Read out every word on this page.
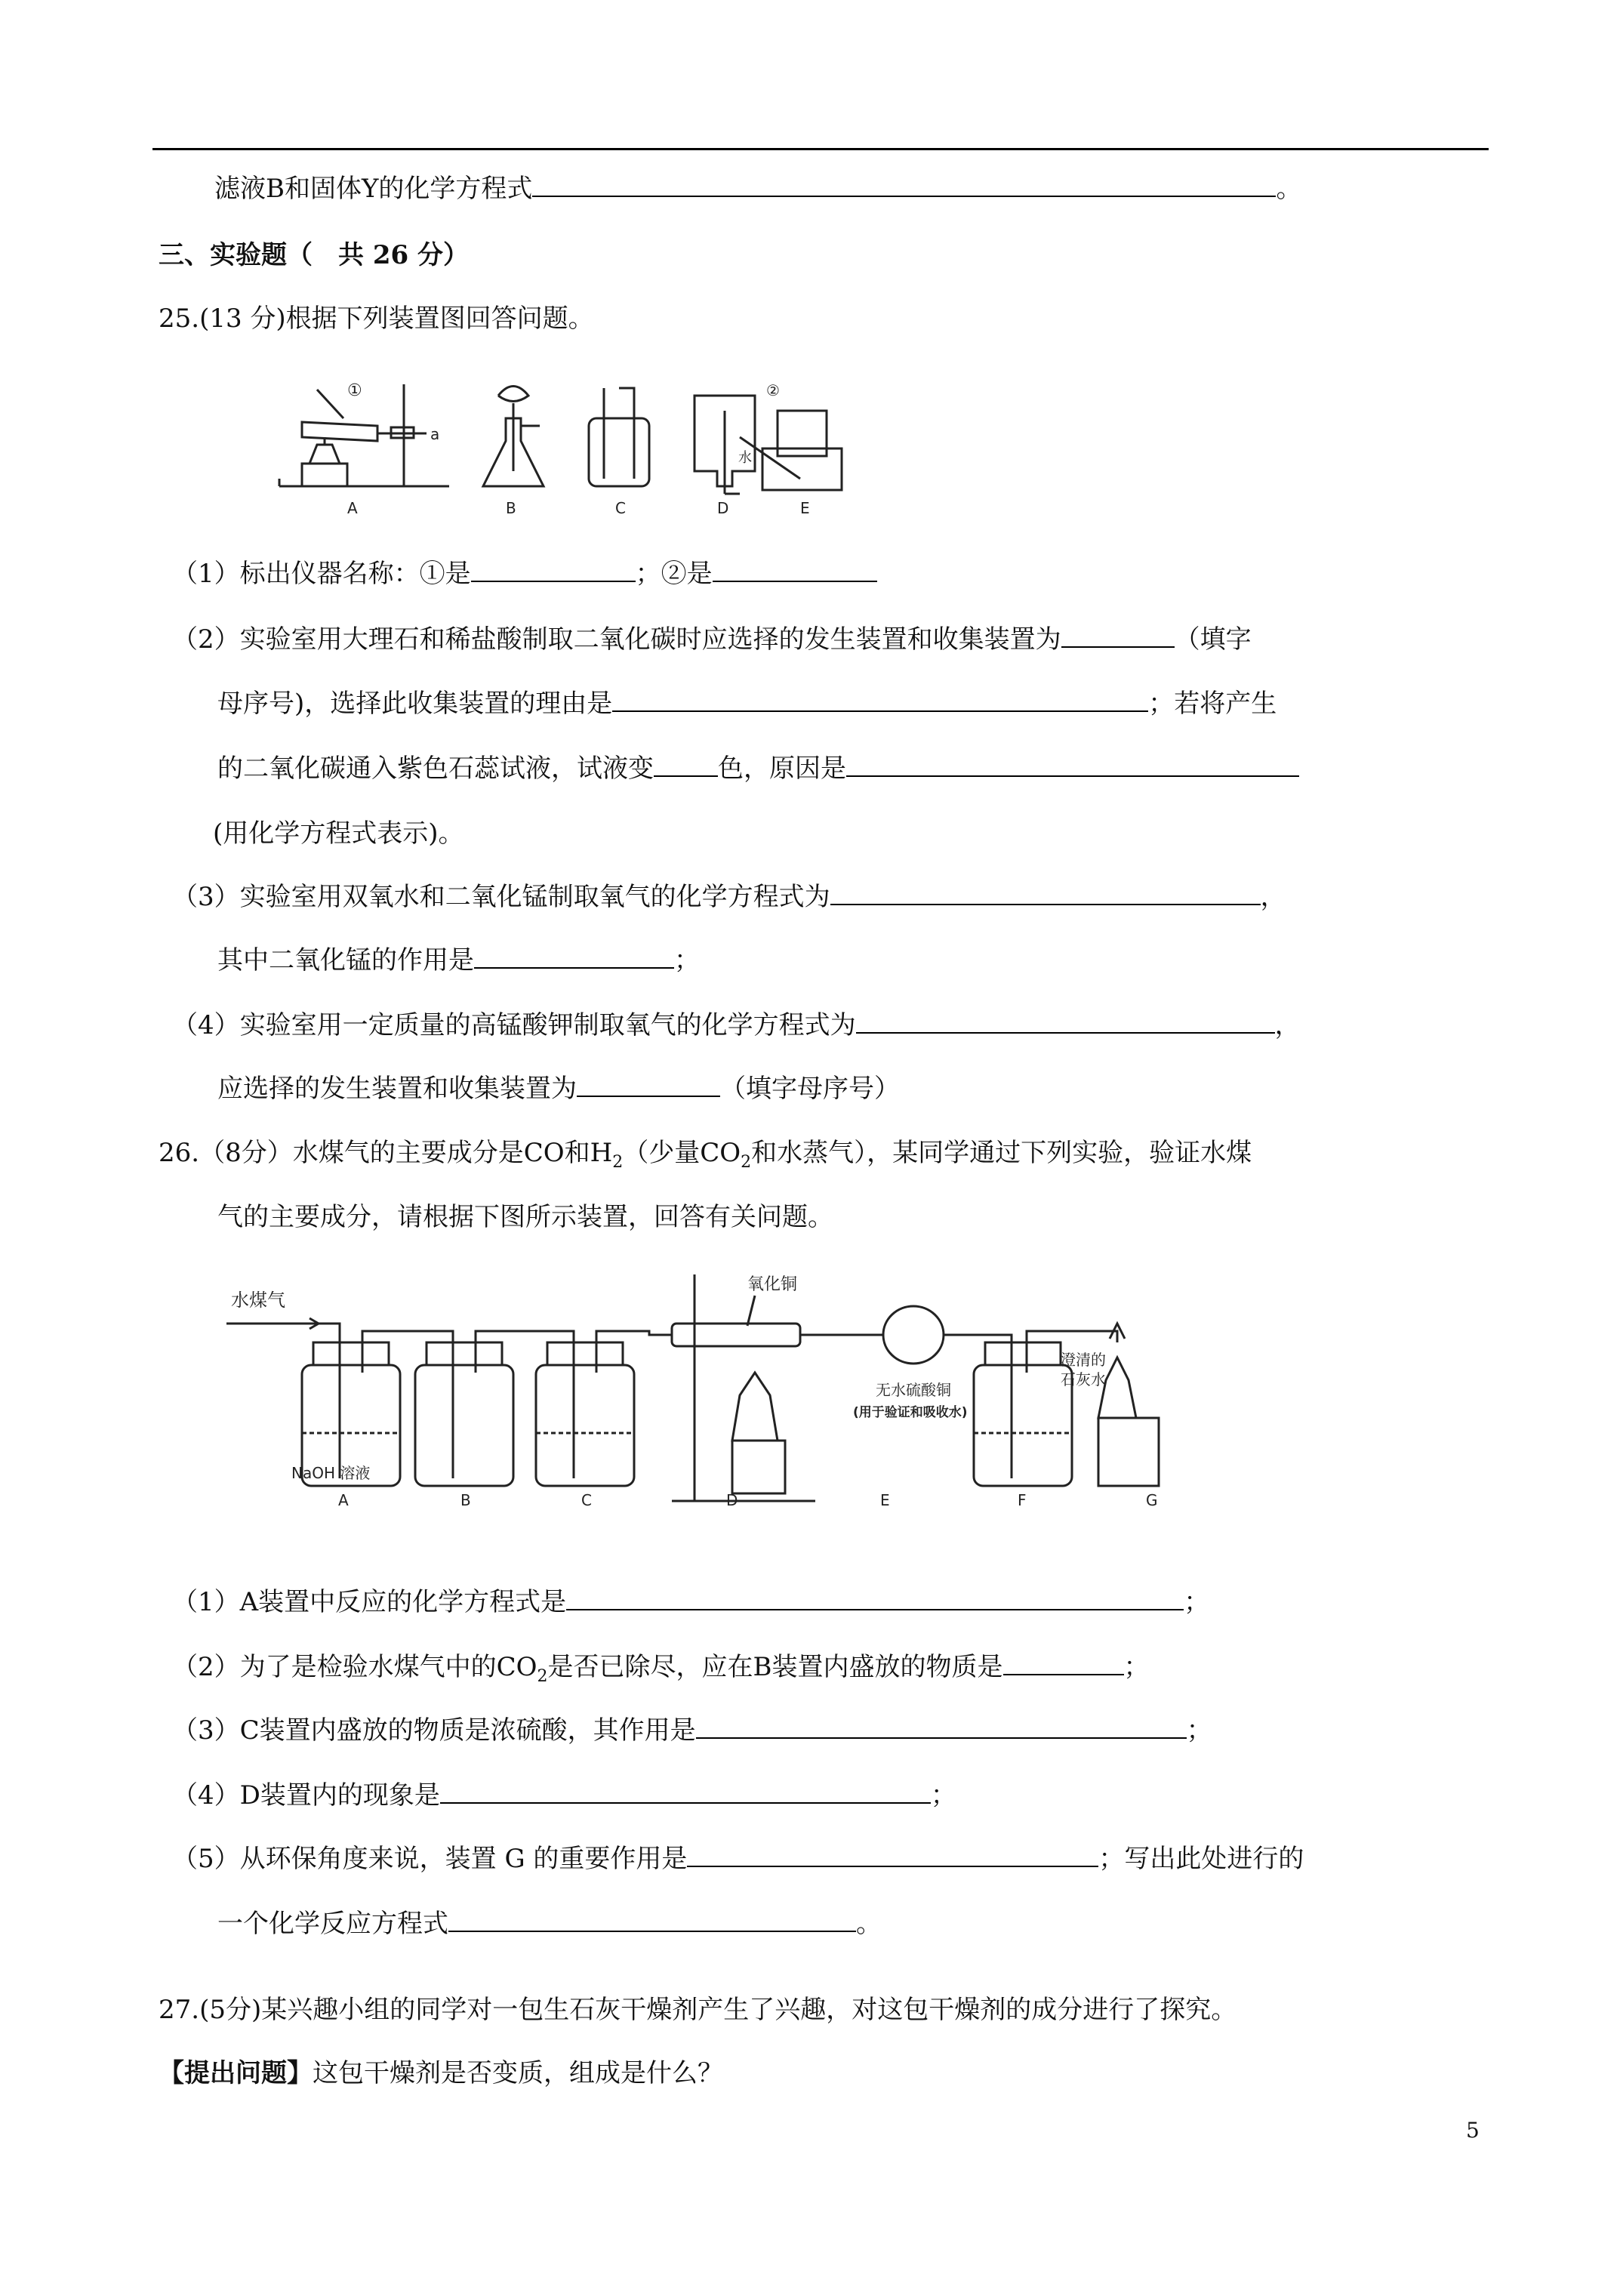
滤液B和固体Y的化学方程式	。
三、实验题（　共 26 分）
25.(13 分)根据下列装置图回答问题。
①
a
②
水
A	B	C	D	E
（1）标出仪器名称：①是	；②是
（2）实验室用大理石和稀盐酸制取二氧化碳时应选择的发生装置和收集装置为	（填字
母序号)，选择此收集装置的理由是	；若将产生
的二氧化碳通入紫色石蕊试液，试液变	色，原因是
(用化学方程式表示)。
（3）实验室用双氧水和二氧化锰制取氧气的化学方程式为	，
其中二氧化锰的作用是	；
（4）实验室用一定质量的高锰酸钾制取氧气的化学方程式为	，
应选择的发生装置和收集装置为	（填字母序号）
26.（8分）水煤气的主要成分是CO和$H_2$（少量$CO_2$和水蒸气），某同学通过下列实验，验证水煤
气的主要成分，请根据下图所示装置，回答有关问题。
水煤气
氧化铜
无水硫酸铜
(用于验证和吸收水)
澄清的
石灰水
NaOH 溶液
A	B	C	D	E	F	G
（1）A装置中反应的化学方程式是	；
（2）为了是检验水煤气中的$CO_2$是否已除尽，应在B装置内盛放的物质是	；
（3）C装置内盛放的物质是浓硫酸，其作用是	；
（4）D装置内的现象是	；
（5）从环保角度来说，装置 G 的重要作用是	；写出此处进行的
一个化学反应方程式	。
27.(5分)某兴趣小组的同学对一包生石灰干燥剂产生了兴趣，对这包干燥剂的成分进行了探究。
【提出问题】这包干燥剂是否变质，组成是什么？
5
